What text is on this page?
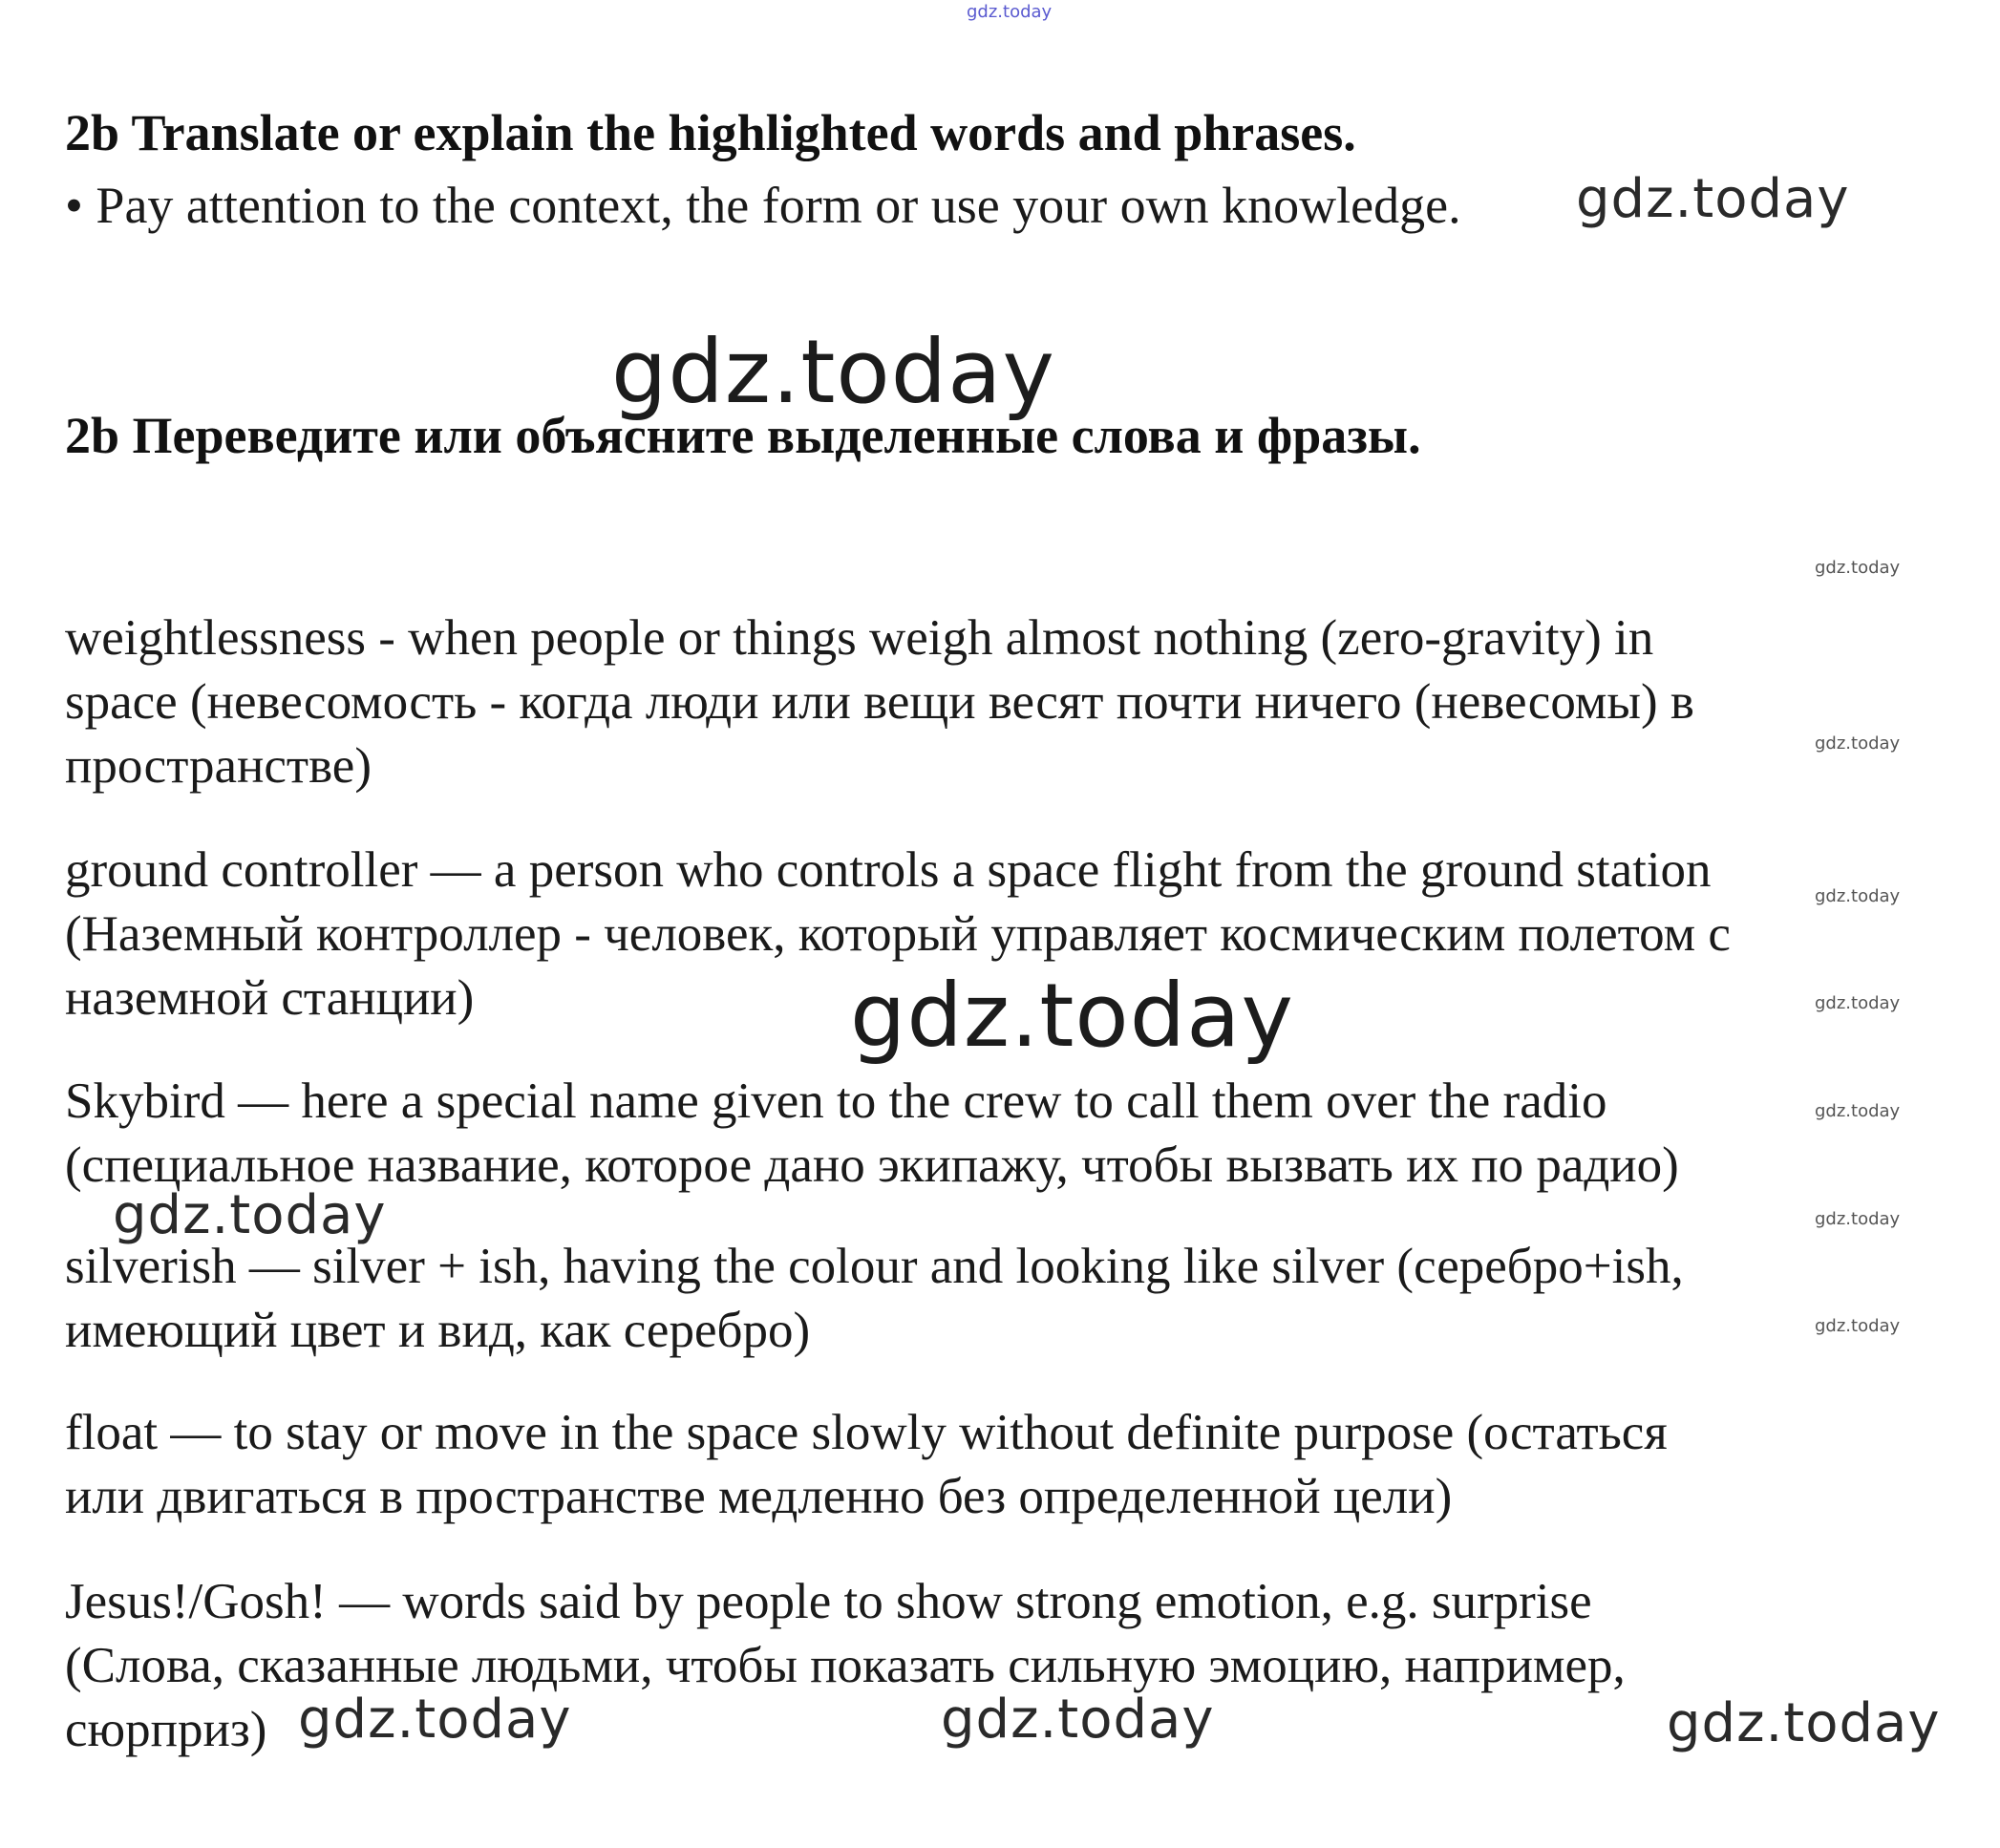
gdz.today
2b Translate or explain the highlighted words and phrases.
• Pay attention to the context, the form or use your own knowledge. gdz.today
gdz.today
2b Переведите или объясните выделенные слова и фразы.
gdz.today
weightlessness - when people or things weigh almost nothing (zero-gravity) in
space (невесомость - когда люди или вещи весят почти ничего (невесомы) в
пространстве)	gdz.today
ground controller — a person who controls a space flight from the ground station
(Наземный контроллер - человек, который управляет космическим полетом с
наземной станции)
gdz.today
gdz.today	gdz.today
Skybird — here a special name given to the crew to call them over the radio
(специальное название, которое дано экипажу, чтобы вызвать их по радио)
gdz.today
gdz.today	gdz.today
silverish — silver + ish, having the colour and looking like silver (серебро+ish,
имеющий цвет и вид, как серебро)	gdz.today
float — to stay or move in the space slowly without definite purpose (остаться
или двигаться в пространстве медленно без определенной цели)
Jesus!/Gosh! — words said by people to show strong emotion, e.g. surprise
(Слова, сказанные людьми, чтобы показать сильную эмоцию, например,
сюрприз) gdz.today	gdz.today	gdz.today
